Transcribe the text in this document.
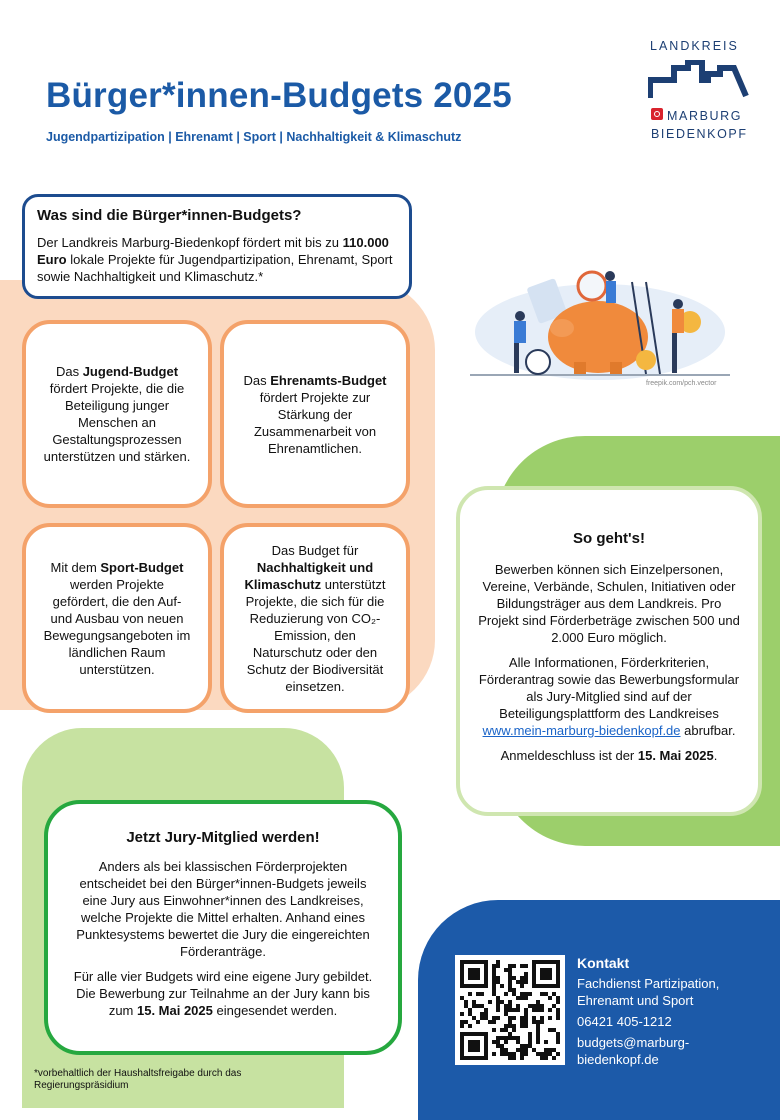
Bürger*innen-Budgets 2025
Jugendpartizipation | Ehrenamt | Sport | Nachhaltigkeit & Klimaschutz
LANDKREIS
MARBURG
BIEDENKOPF
Was sind die Bürger*innen-Budgets?

Der Landkreis Marburg-Biedenkopf fördert mit bis zu 110.000 Euro lokale Projekte für Jugendpartizipation, Ehrenamt, Sport sowie Nachhaltigkeit und Klimaschutz.*

freepik.com/pch.vector
Das Jugend-Budget fördert Projekte, die die Beteiligung junger Menschen an Gestaltungsprozessen unterstützen und stärken.
Das Ehrenamts-Budget fördert Projekte zur Stärkung der Zusammenarbeit von Ehrenamtlichen.
Mit dem Sport-Budget werden Projekte gefördert, die den Auf- und Ausbau von neuen Bewegungsangeboten im ländlichen Raum unterstützen.
Das Budget für Nachhaltigkeit und Klimaschutz unterstützt Projekte, die sich für die Reduzierung von CO₂-Emission, den Naturschutz oder den Schutz der Biodiversität einsetzen.
So geht's!

Bewerben können sich Einzelpersonen, Vereine, Verbände, Schulen, Initiativen oder Bildungsträger aus dem Landkreis. Pro Projekt sind Förderbeträge zwischen 500 und 2.000 Euro möglich.

Alle Informationen, Förderkriterien, Förderantrag sowie das Bewerbungsformular als Jury-Mitglied sind auf der Beteiligungsplattform des Landkreises www.mein-marburg-biedenkopf.de abrufbar.

Anmeldeschluss ist der 15. Mai 2025.

Jetzt Jury-Mitglied werden!

Anders als bei klassischen Förderprojekten entscheidet bei den Bürger*innen-Budgets jeweils eine Jury aus Einwohner*innen des Landkreises, welche Projekte die Mittel erhalten. Anhand eines Punktesystems bewertet die Jury die eingereichten Förderanträge.

Für alle vier Budgets wird eine eigene Jury gebildet. Die Bewerbung zur Teilnahme an der Jury kann bis zum 15. Mai 2025 eingesendet werden.

*vorbehaltlich der Haushaltsfreigabe durch das Regierungspräsidium
Kontakt

Fachdienst Partizipation, Ehrenamt und Sport

06421 405-1212

budgets@marburg-biedenkopf.de
